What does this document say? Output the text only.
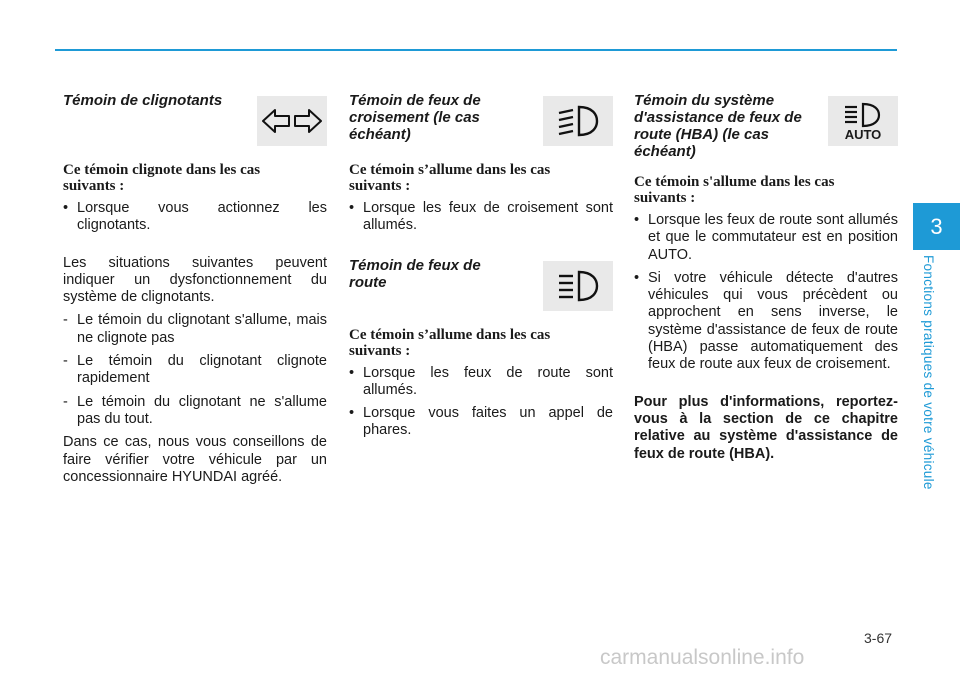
Témoin de clignotants

Ce témoin clignote dans les cas suivants :

• Lorsque vous actionnez les clignotants.

Les situations suivantes peuvent indiquer un dysfonctionnement du système de clignotants.

- Le témoin du clignotant s'allume, mais ne clignote pas
- Le témoin du clignotant clignote rapidement
- Le témoin du clignotant ne s'allume pas du tout.

Dans ce cas, nous vous conseillons de faire vérifier votre véhicule par un concessionnaire HYUNDAI agréé.

Témoin de feux de croisement (le cas échéant)

Ce témoin s’allume dans les cas suivants :

• Lorsque les feux de croisement sont allumés.

Témoin de feux de route

Ce témoin s’allume dans les cas suivants :

• Lorsque les feux de route sont allumés.
• Lorsque vous faites un appel de phares.

Témoin du système d'assistance de feux de route (HBA) (le cas échéant)

AUTO

Ce témoin s'allume dans les cas suivants :

• Lorsque les feux de route sont allumés et que le commutateur est en position AUTO.
• Si votre véhicule détecte d'autres véhicules qui vous précèdent ou approchent en sens inverse, le système d'assistance de feux de route (HBA) passe automatiquement des feux de route aux feux de croisement.

Pour plus d'informations, reportez-vous à la section de ce chapitre relative au système d'assistance de feux de route (HBA).

3
Fonctions pratiques de votre véhicule
3-67
carmanualsonline.info
